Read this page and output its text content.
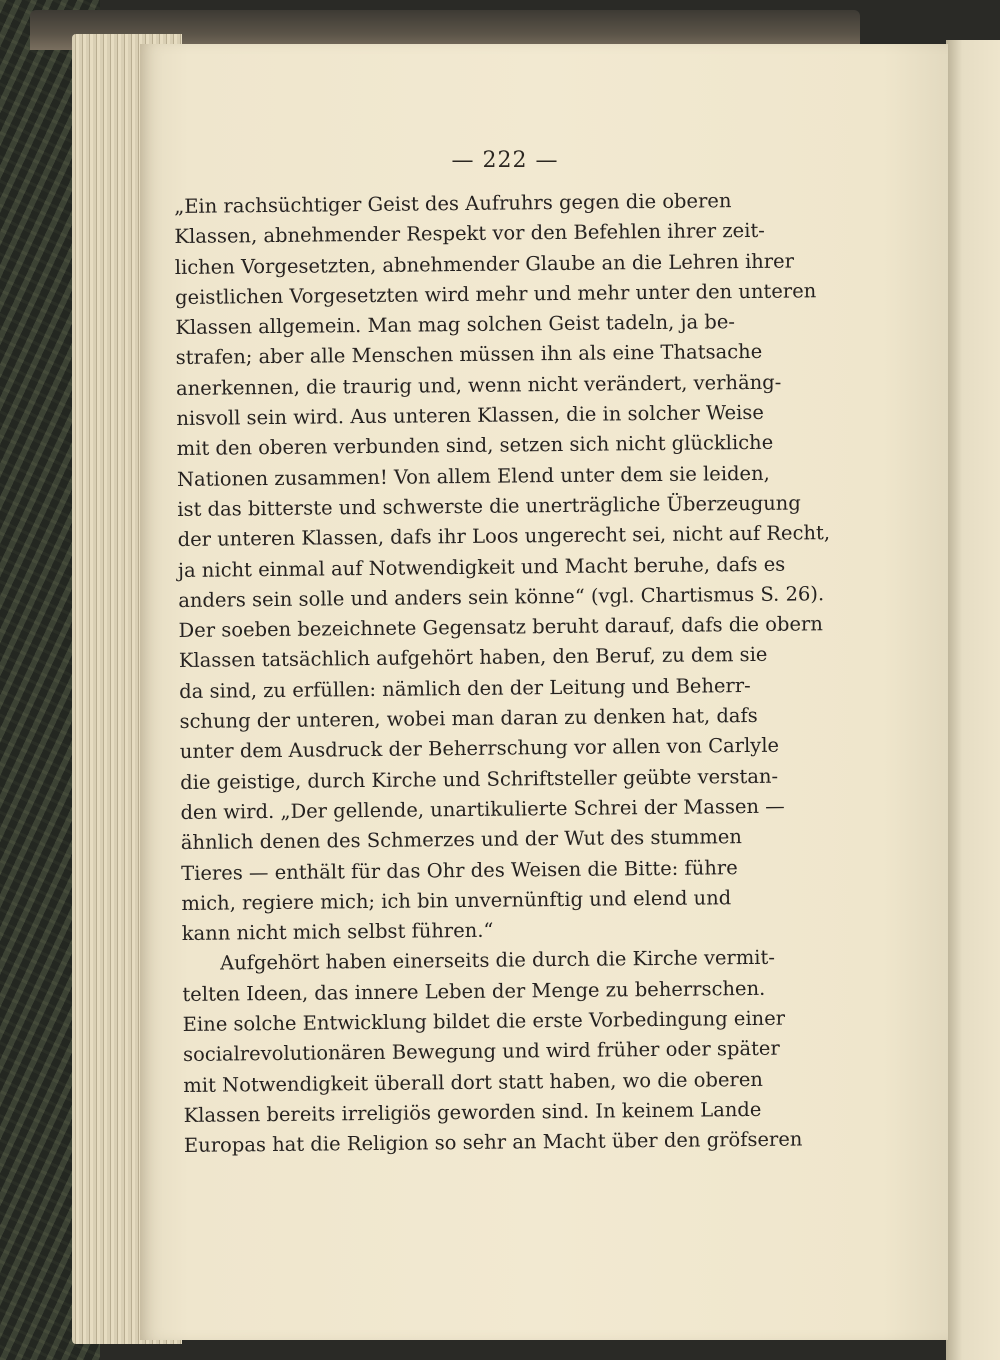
— 222 —
„Ein rachsüchtiger Geist des Aufruhrs gegen die oberen
Klassen, abnehmender Respekt vor den Befehlen ihrer zeit-
lichen Vorgesetzten, abnehmender Glaube an die Lehren ihrer
geistlichen Vorgesetzten wird mehr und mehr unter den unteren
Klassen allgemein. Man mag solchen Geist tadeln, ja be-
strafen; aber alle Menschen müssen ihn als eine Thatsache
anerkennen, die traurig und, wenn nicht verändert, verhäng-
nisvoll sein wird. Aus unteren Klassen, die in solcher Weise
mit den oberen verbunden sind, setzen sich nicht glückliche
Nationen zusammen! Von allem Elend unter dem sie leiden,
ist das bitterste und schwerste die unerträgliche Überzeugung
der unteren Klassen, dafs ihr Loos ungerecht sei, nicht auf Recht,
ja nicht einmal auf Notwendigkeit und Macht beruhe, dafs es
anders sein solle und anders sein könne“ (vgl. Chartismus S. 26).
Der soeben bezeichnete Gegensatz beruht darauf, dafs die obern
Klassen tatsächlich aufgehört haben, den Beruf, zu dem sie
da sind, zu erfüllen: nämlich den der Leitung und Beherr-
schung der unteren, wobei man daran zu denken hat, dafs
unter dem Ausdruck der Beherrschung vor allen von Carlyle
die geistige, durch Kirche und Schriftsteller geübte verstan-
den wird. „Der gellende, unartikulierte Schrei der Massen —
ähnlich denen des Schmerzes und der Wut des stummen
Tieres — enthält für das Ohr des Weisen die Bitte: führe
mich, regiere mich; ich bin unvernünftig und elend und
kann nicht mich selbst führen.“
Aufgehört haben einerseits die durch die Kirche vermit-
telten Ideen, das innere Leben der Menge zu beherrschen.
Eine solche Entwicklung bildet die erste Vorbedingung einer
socialrevolutionären Bewegung und wird früher oder später
mit Notwendigkeit überall dort statt haben, wo die oberen
Klassen bereits irreligiös geworden sind. In keinem Lande
Europas hat die Religion so sehr an Macht über den gröfseren
